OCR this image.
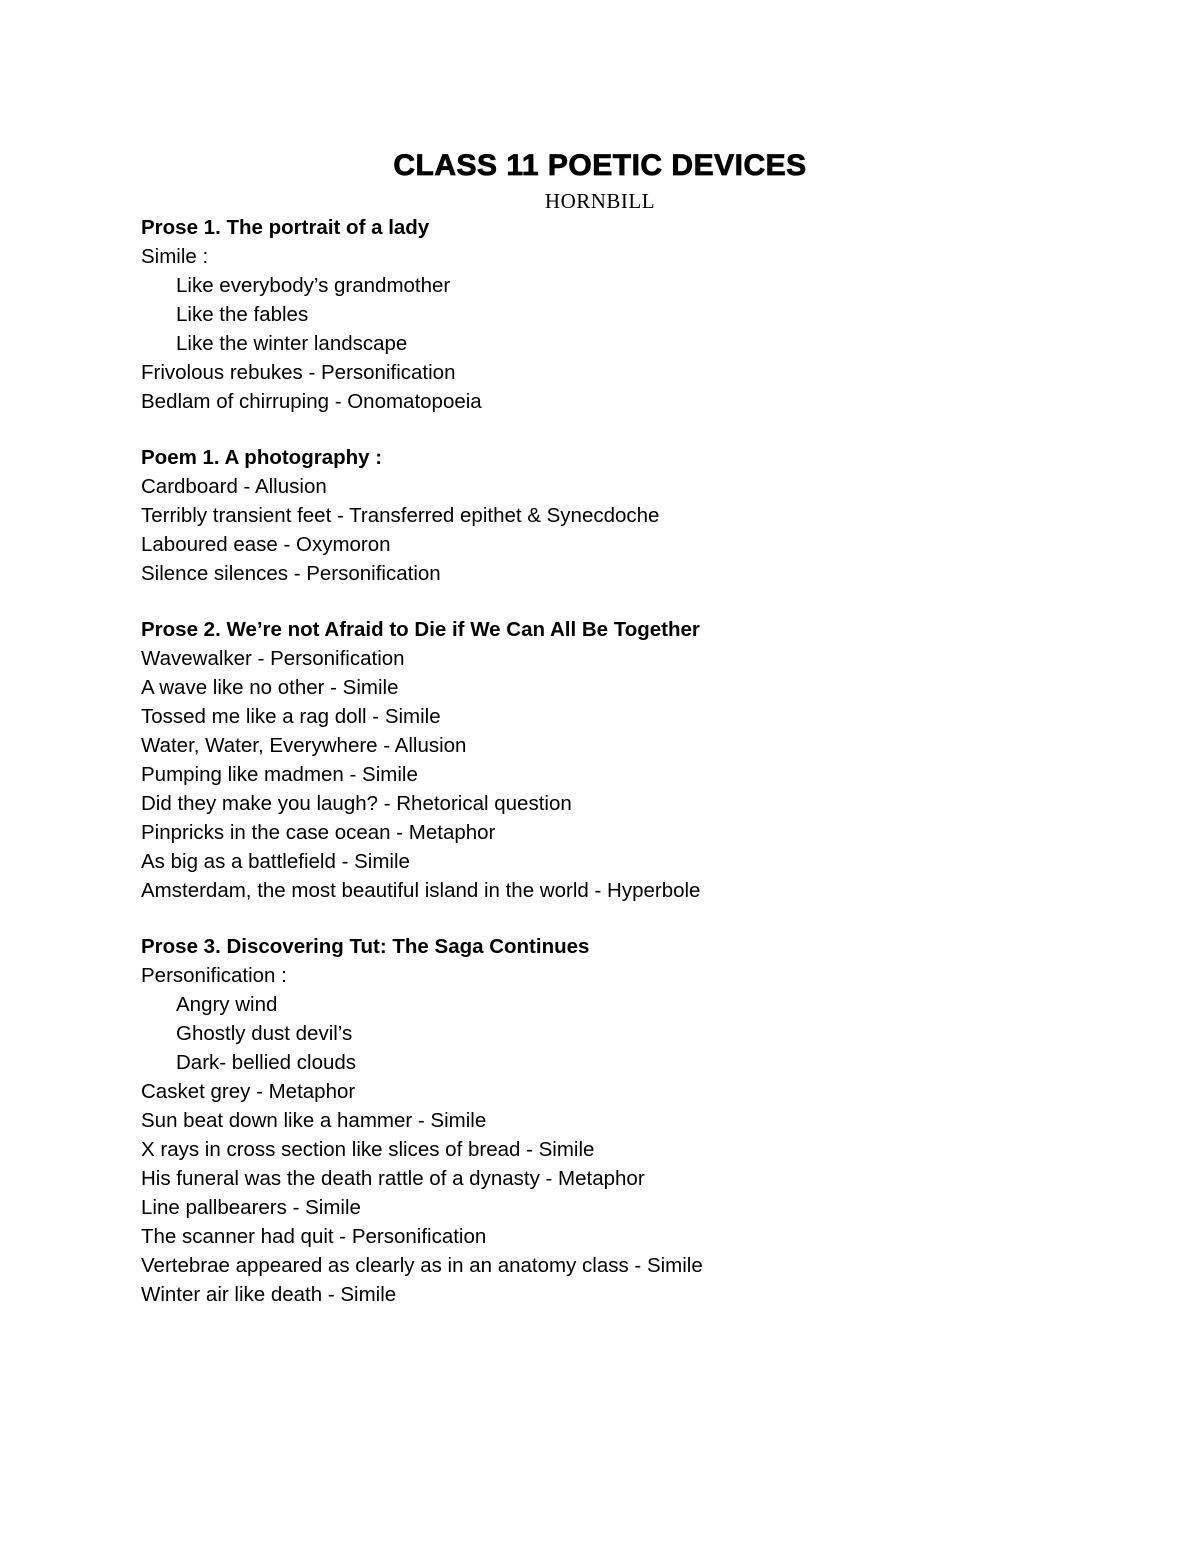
CLASS 11 POETIC DEVICES
HORNBILL
Prose 1. The portrait of a lady
Simile :
Like everybody’s grandmother
Like the fables
Like the winter landscape
Frivolous rebukes - Personification
Bedlam of chirruping - Onomatopoeia
Poem 1. A photography :
Cardboard - Allusion
Terribly transient feet - Transferred epithet & Synecdoche
Laboured ease - Oxymoron
Silence silences - Personification
Prose 2. We’re not Afraid to Die if We Can All Be Together
Wavewalker - Personification
A wave like no other - Simile
Tossed me like a rag doll - Simile
Water, Water, Everywhere - Allusion
Pumping like madmen - Simile
Did they make you laugh? - Rhetorical question
Pinpricks in the case ocean - Metaphor
As big as a battlefield - Simile
Amsterdam, the most beautiful island in the world - Hyperbole
Prose 3. Discovering Tut: The Saga Continues
Personification :
Angry wind
Ghostly dust devil’s
Dark- bellied clouds
Casket grey - Metaphor
Sun beat down like a hammer - Simile
X rays in cross section like slices of bread - Simile
His funeral was the death rattle of a dynasty - Metaphor
Line pallbearers - Simile
The scanner had quit - Personification
Vertebrae appeared as clearly as in an anatomy class - Simile
Winter air like death - Simile
